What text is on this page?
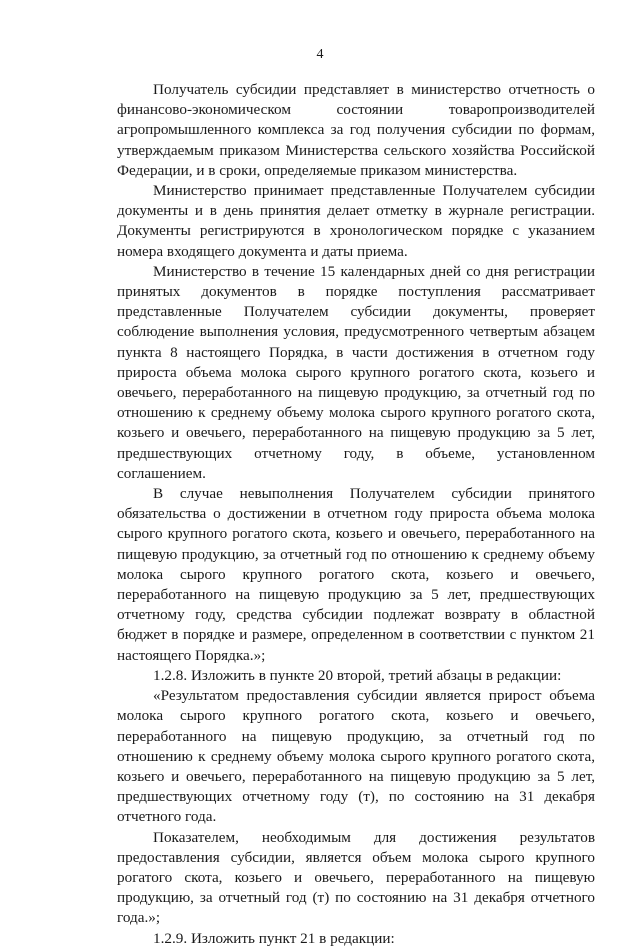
4

Получатель субсидии представляет в министерство отчетность о финансово-экономическом состоянии товаропроизводителей агропромышленного комплекса за год получения субсидии по формам, утверждаемым приказом Министерства сельского хозяйства Российской Федерации, и в сроки, определяемые приказом министерства.

Министерство принимает представленные Получателем субсидии документы и в день принятия делает отметку в журнале регистрации. Документы регистрируются в хронологическом порядке с указанием номера входящего документа и даты приема.

Министерство в течение 15 календарных дней со дня регистрации принятых документов в порядке поступления рассматривает представленные Получателем субсидии документы, проверяет соблюдение выполнения условия, предусмотренного четвертым абзацем пункта 8 настоящего Порядка, в части достижения в отчетном году прироста объема молока сырого крупного рогатого скота, козьего и овечьего, переработанного на пищевую продукцию, за отчетный год по отношению к среднему объему молока сырого крупного рогатого скота, козьего и овечьего, переработанного на пищевую продукцию за 5 лет, предшествующих отчетному году, в объеме, установленном соглашением.

В случае невыполнения Получателем субсидии принятого обязательства о достижении в отчетном году прироста объема молока сырого крупного рогатого скота, козьего и овечьего, переработанного на пищевую продукцию, за отчетный год по отношению к среднему объему молока сырого крупного рогатого скота, козьего и овечьего, переработанного на пищевую продукцию за 5 лет, предшествующих отчетному году, средства субсидии подлежат возврату в областной бюджет в порядке и размере, определенном в соответствии с пунктом 21 настоящего Порядка.»;

1.2.8. Изложить в пункте 20 второй, третий абзацы в редакции:

«Результатом предоставления субсидии является прирост объема молока сырого крупного рогатого скота, козьего и овечьего, переработанного на пищевую продукцию, за отчетный год по отношению к среднему объему молока сырого крупного рогатого скота, козьего и овечьего, переработанного на пищевую продукцию за 5 лет, предшествующих отчетному году (т), по состоянию на 31 декабря отчетного года.

Показателем, необходимым для достижения результатов предоставления субсидии, является объем молока сырого крупного рогатого скота, козьего и овечьего, переработанного на пищевую продукцию, за отчетный год (т) по состоянию на 31 декабря отчетного года.»;

1.2.9. Изложить пункт 21 в редакции:
